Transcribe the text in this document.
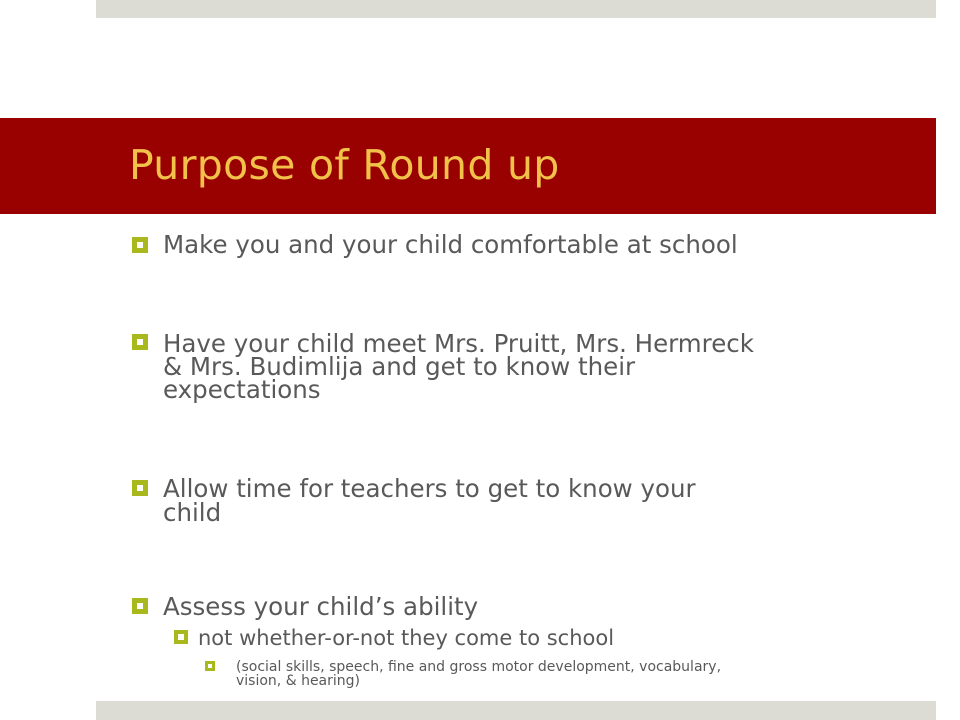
Purpose of Round up
Make you and your child comfortable at school
Have your child meet Mrs. Pruitt, Mrs. Hermreck
& Mrs. Budimlija and get to know their
expectations
Allow time for teachers to get to know your
child
Assess your child’s ability
not whether-or-not they come to school
(social skills, speech, fine and gross motor development, vocabulary,
vision, & hearing)
